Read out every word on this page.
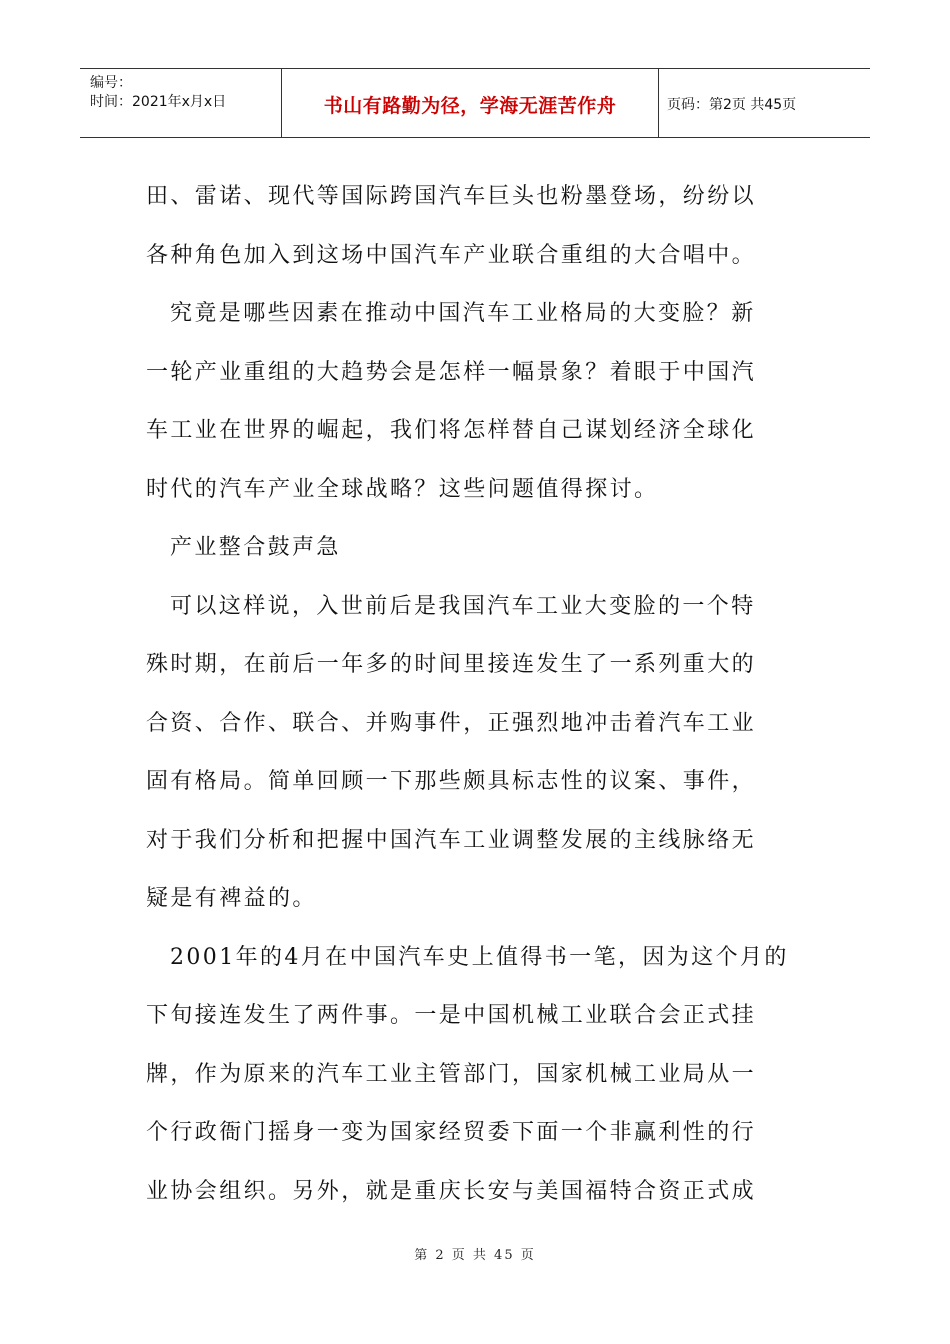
编号：
时间：2021年x月x日	书山有路勤为径，学海无涯苦作舟	页码：第2页 共45页
田、雷诺、现代等国际跨国汽车巨头也粉墨登场，纷纷以
各种角色加入到这场中国汽车产业联合重组的大合唱中。
究竟是哪些因素在推动中国汽车工业格局的大变脸？新
一轮产业重组的大趋势会是怎样一幅景象？着眼于中国汽
车工业在世界的崛起，我们将怎样替自己谋划经济全球化
时代的汽车产业全球战略？这些问题值得探讨。
产业整合鼓声急
可以这样说，入世前后是我国汽车工业大变脸的一个特
殊时期，在前后一年多的时间里接连发生了一系列重大的
合资、合作、联合、并购事件，正强烈地冲击着汽车工业
固有格局。简单回顾一下那些颇具标志性的议案、事件，
对于我们分析和把握中国汽车工业调整发展的主线脉络无
疑是有裨益的。
2001年的4月在中国汽车史上值得书一笔，因为这个月的
下旬接连发生了两件事。一是中国机械工业联合会正式挂
牌，作为原来的汽车工业主管部门，国家机械工业局从一
个行政衙门摇身一变为国家经贸委下面一个非赢利性的行
业协会组织。另外，就是重庆长安与美国福特合资正式成
第 2 页 共 45 页
